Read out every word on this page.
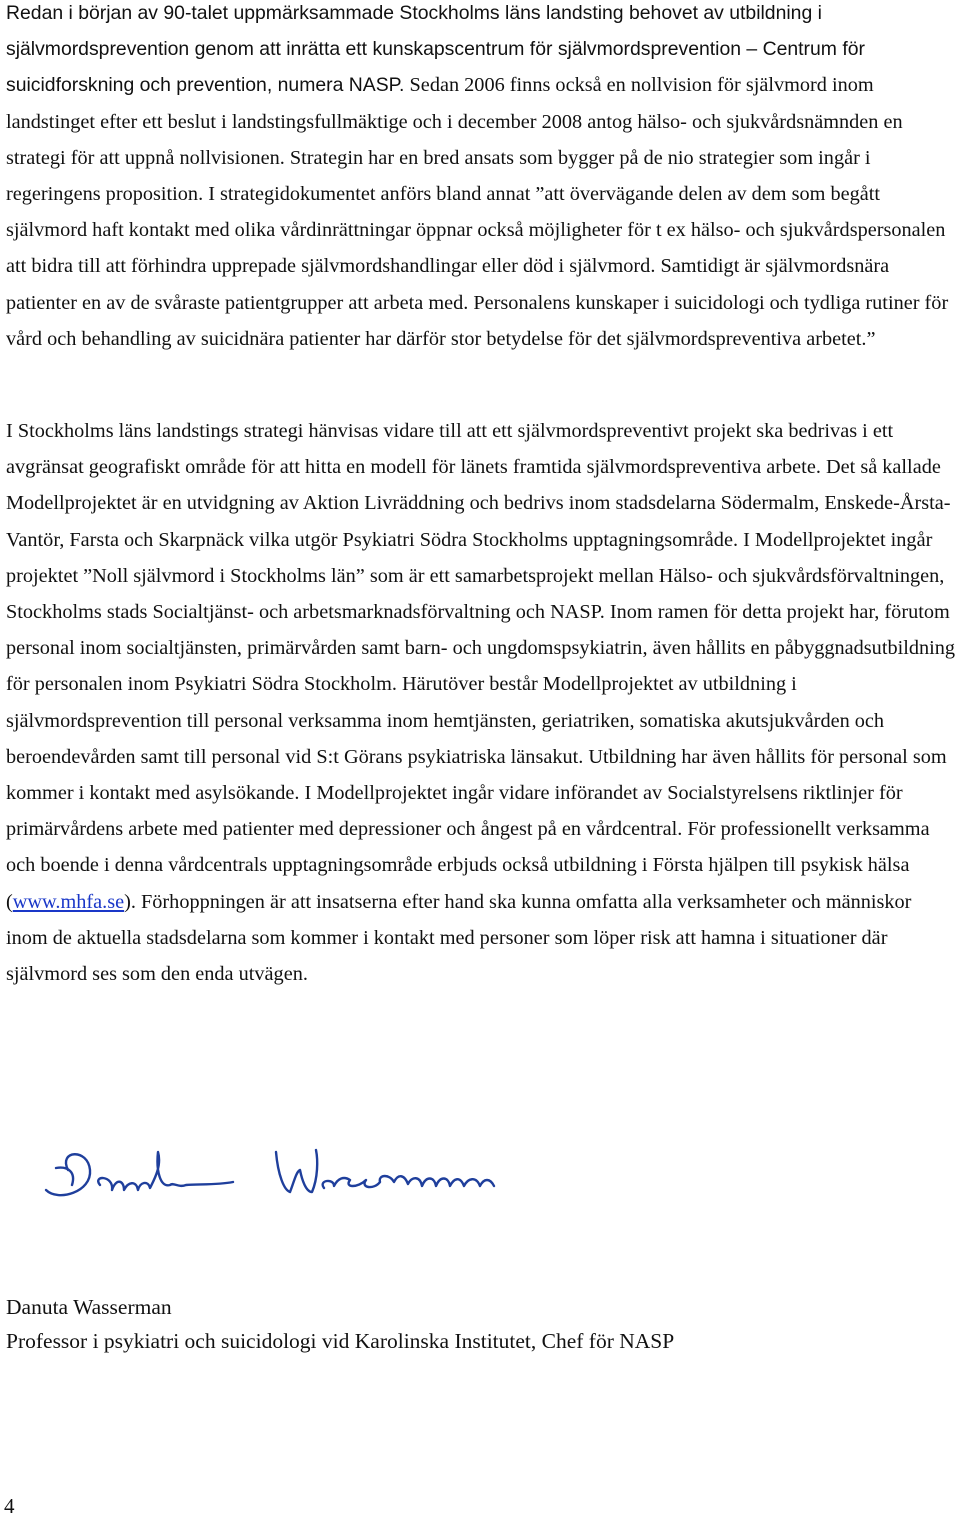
Redan i början av 90-talet uppmärksammade Stockholms läns landsting behovet av utbildning i självmordsprevention genom att inrätta ett kunskapscentrum för självmordsprevention – Centrum för suicidforskning och prevention, numera NASP. Sedan 2006 finns också en nollvision för självmord inom landstinget efter ett beslut i landstingsfullmäktige och i december 2008 antog hälso- och sjukvårdsnämnden en strategi för att uppnå nollvisionen. Strategin har en bred ansats som bygger på de nio strategier som ingår i regeringens proposition. I strategidokumentet anförs bland annat ”att övervägande delen av dem som begått självmord haft kontakt med olika vårdinrättningar öppnar också möjligheter för t ex hälso- och sjukvårdspersonalen att bidra till att förhindra upprepade självmordshandlingar eller död i självmord. Samtidigt är självmordsnära patienter en av de svåraste patientgrupper att arbeta med. Personalens kunskaper i suicidologi och tydliga rutiner för vård och behandling av suicidnära patienter har därför stor betydelse för det självmordspreventiva arbetet.”

I Stockholms läns landstings strategi hänvisas vidare till att ett självmordspreventivt projekt ska bedrivas i ett avgränsat geografiskt område för att hitta en modell för länets framtida självmordspreventiva arbete. Det så kallade Modellprojektet är en utvidgning av Aktion Livräddning och bedrivs inom stadsdelarna Södermalm, Enskede-Årsta-Vantör, Farsta och Skarpnäck vilka utgör Psykiatri Södra Stockholms upptagningsområde. I Modellprojektet ingår projektet ”Noll självmord i Stockholms län” som är ett samarbetsprojekt mellan Hälso- och sjukvårdsförvaltningen, Stockholms stads Socialtjänst- och arbetsmarknadsförvaltning och NASP. Inom ramen för detta projekt har, förutom personal inom socialtjänsten, primärvården samt barn- och ungdomspsykiatrin, även hållits en påbyggnadsutbildning för personalen inom Psykiatri Södra Stockholm. Härutöver består Modellprojektet av utbildning i självmordsprevention till personal verksamma inom hemtjänsten, geriatriken, somatiska akutsjukvården och beroendevården samt till personal vid S:t Görans psykiatriska länsakut. Utbildning har även hållits för personal som kommer i kontakt med asylsökande. I Modellprojektet ingår vidare införandet av Socialstyrelsens riktlinjer för primärvårdens arbete med patienter med depressioner och ångest på en vårdcentral. För professionellt verksamma och boende i denna vårdcentrals upptagningsområde erbjuds också utbildning i Första hjälpen till psykisk hälsa (www.mhfa.se). Förhoppningen är att insatserna efter hand ska kunna omfatta alla verksamheter och människor inom de aktuella stadsdelarna som kommer i kontakt med personer som löper risk att hamna i situationer där självmord ses som den enda utvägen.

Danuta Wasserman
Professor i psykiatri och suicidologi vid Karolinska Institutet, Chef för NASP
4
